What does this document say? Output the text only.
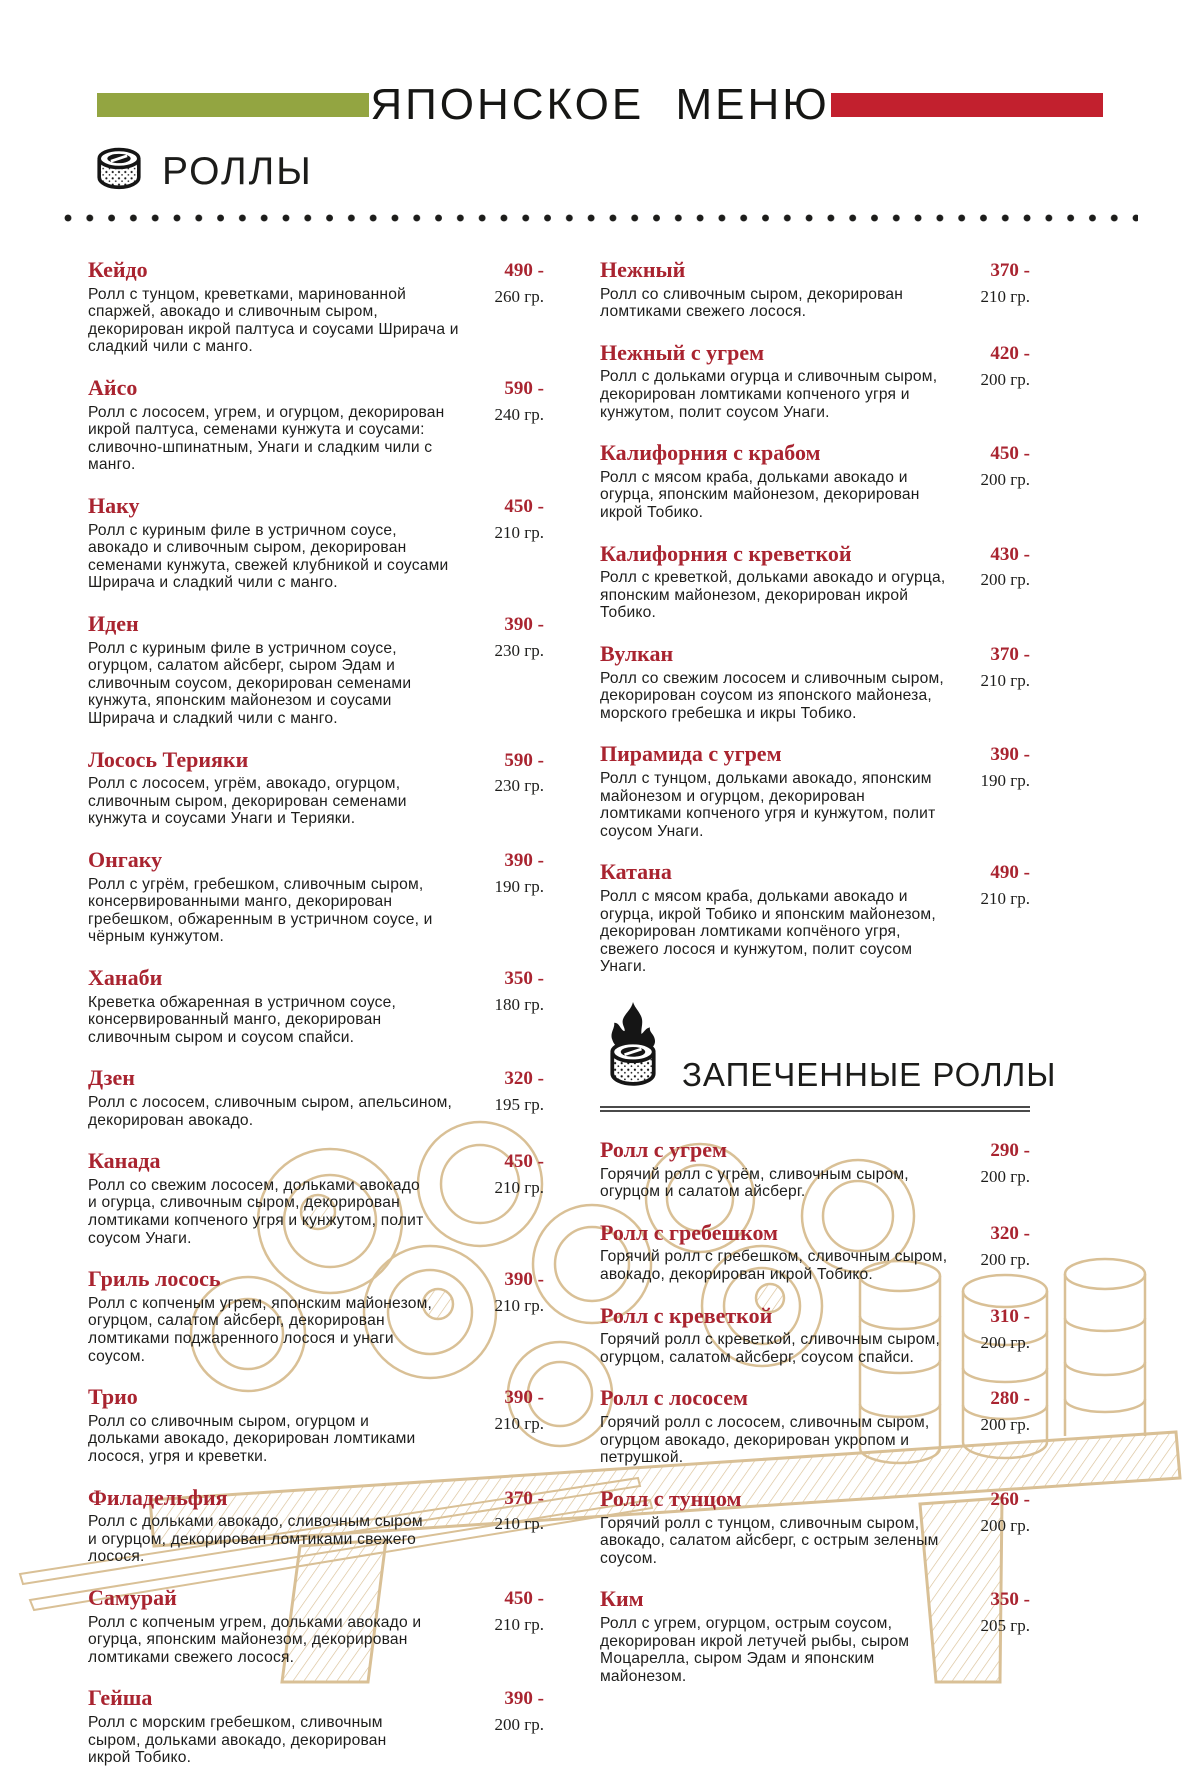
ЯПОНСКОЕ МЕНЮ
РОЛЛЫ
Кейдо

Ролл с тунцом, креветками, маринованной спаржей, авокадо и сливочным сыром, декорирован икрой палтуса и соусами Шрирача и сладкий чили с манго.

490 -
260 гр.
Айсо

Ролл с лососем, угрем, и огурцом, декорирован икрой палтуса, семенами кунжута и соусами: сливочно-шпинатным, Унаги и сладким чили с манго.

590 -
240 гр.
Наку

Ролл с куриным филе в устричном соусе, авокадо и сливочным сыром, декорирован семенами кунжута, свежей клубникой и соусами Шрирача и сладкий чили с манго.

450 -
210 гр.
Иден

Ролл с куриным филе в устричном соусе, огурцом, салатом айсберг, сыром Эдам и сливочным соусом, декорирован семенами кунжута, японским майонезом и соусами Шрирача и сладкий чили с манго.

390 -
230 гр.
Лосось Терияки

Ролл с лососем, угрём, авокадо, огурцом, сливочным сыром, декорирован семенами кунжута и соусами Унаги и Терияки.

590 -
230 гр.
Онгаку

Ролл с угрём, гребешком, сливочным сыром, консервированными манго, декорирован гребешком, обжаренным в устричном соусе, и чёрным кунжутом.

390 -
190 гр.
Ханаби

Креветка обжаренная в устричном соусе, консервированный манго, декорирован сливочным сыром и соусом спайси.

350 -
180 гр.
Дзен

Ролл с лососем, сливочным сыром, апельсином, декорирован авокадо.

320 -
195 гр.
Канада

Ролл со свежим лососем, дольками авокадо и огурца, сливочным сыром, декорирован ломтиками копченого угря и кунжутом, полит соусом Унаги.

450 -
210 гр.
Гриль лосось

Ролл с копченым угрем, японским майонезом, огурцом, салатом айсберг, декорирован ломтиками поджаренного лосося и унаги соусом.

390 -
210 гр.
Трио

Ролл со сливочным сыром, огурцом и дольками авокадо, декорирован ломтиками лосося, угря и креветки.

390 -
210 гр.
Филадельфия

Ролл с дольками авокадо, сливочным сыром и огурцом, декорирован ломтиками свежего лосося.

370 -
210 гр.
Самурай

Ролл с копченым угрем, дольками авокадо и огурца, японским майонезом, декорирован ломтиками свежего лосося.

450 -
210 гр.
Гейша

Ролл с морским гребешком, сливочным сыром, дольками авокадо, декорирован икрой Тобико.

390 -
200 гр.
Нежный

Ролл со сливочным сыром, декорирован ломтиками свежего лосося.

370 -
210 гр.
Нежный с угрем

Ролл с дольками огурца и сливочным сыром, декорирован ломтиками копченого угря и кунжутом, полит соусом Унаги.

420 -
200 гр.
Калифорния с крабом

Ролл с мясом краба, дольками авокадо и огурца, японским майонезом, декорирован икрой Тобико.

450 -
200 гр.
Калифорния с креветкой

Ролл с креветкой, дольками авокадо и огурца, японским майонезом, декорирован икрой Тобико.

430 -
200 гр.
Вулкан

Ролл со свежим лососем и сливочным сыром, декорирован соусом из японского майонеза, морского гребешка и икры Тобико.

370 -
210 гр.
Пирамида с угрем

Ролл с тунцом, дольками авокадо, японским майонезом и огурцом, декорирован ломтиками копченого угря и кунжутом, полит соусом Унаги.

390 -
190 гр.
Катана

Ролл с мясом краба, дольками авокадо и огурца, икрой Тобико и японским майонезом, декорирован ломтиками копчёного угря, свежего лосося и кунжутом, полит соусом Унаги.

490 -
210 гр.
ЗАПЕЧЕННЫЕ РОЛЛЫ
Ролл с угрем

Горячий ролл с угрём, сливочным сыром, огурцом и салатом айсберг.

290 -
200 гр.
Ролл с гребешком

Горячий ролл с гребешком, сливочным сыром, авокадо, декорирован икрой Тобико.

320 -
200 гр.
Ролл с креветкой

Горячий ролл с креветкой, сливочным сыром, огурцом, салатом айсберг, соусом спайси.

310 -
200 гр.
Ролл с лососем

Горячий ролл с лососем, сливочным сыром, огурцом авокадо, декорирован укропом и петрушкой.

280 -
200 гр.
Ролл с тунцом

Горячий ролл с тунцом, сливочным сыром, авокадо, салатом айсберг, с острым зеленым соусом.

260 -
200 гр.
Ким

Ролл с угрем, огурцом, острым соусом, декорирован икрой летучей рыбы, сыром Моцарелла, сыром Эдам и японским майонезом.

350 -
205 гр.
